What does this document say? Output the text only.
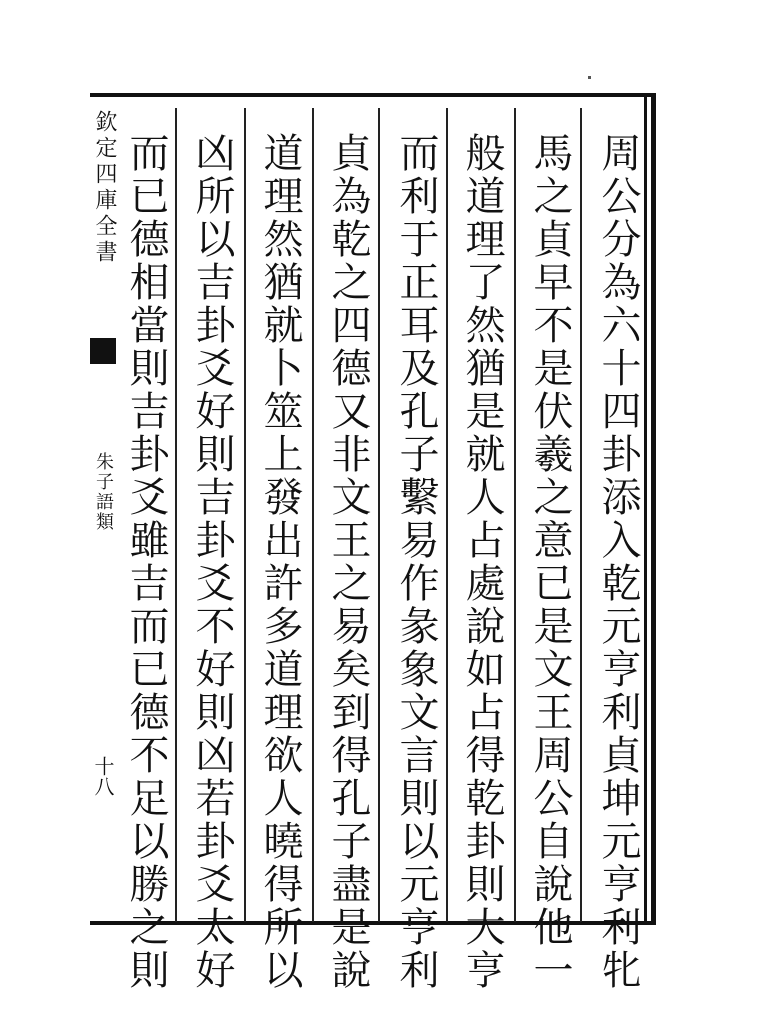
欽定四庫全書
朱子語類
十八	周公分為六十四卦添入乾元亨利貞坤元亨利牝
馬之貞早不是伏羲之意已是文王周公自說他一
般道理了然猶是就人占處說如占得乾卦則大亨
而利于正耳及孔子繫易作彖象文言則以元亨利
貞為乾之四德又非文王之易矣到得孔子盡是說
道理然猶就卜筮上發出許多道理欲人曉得所以
凶所以吉卦爻好則吉卦爻不好則凶若卦爻太好
而已德相當則吉卦爻雖吉而已德不足以勝之則
